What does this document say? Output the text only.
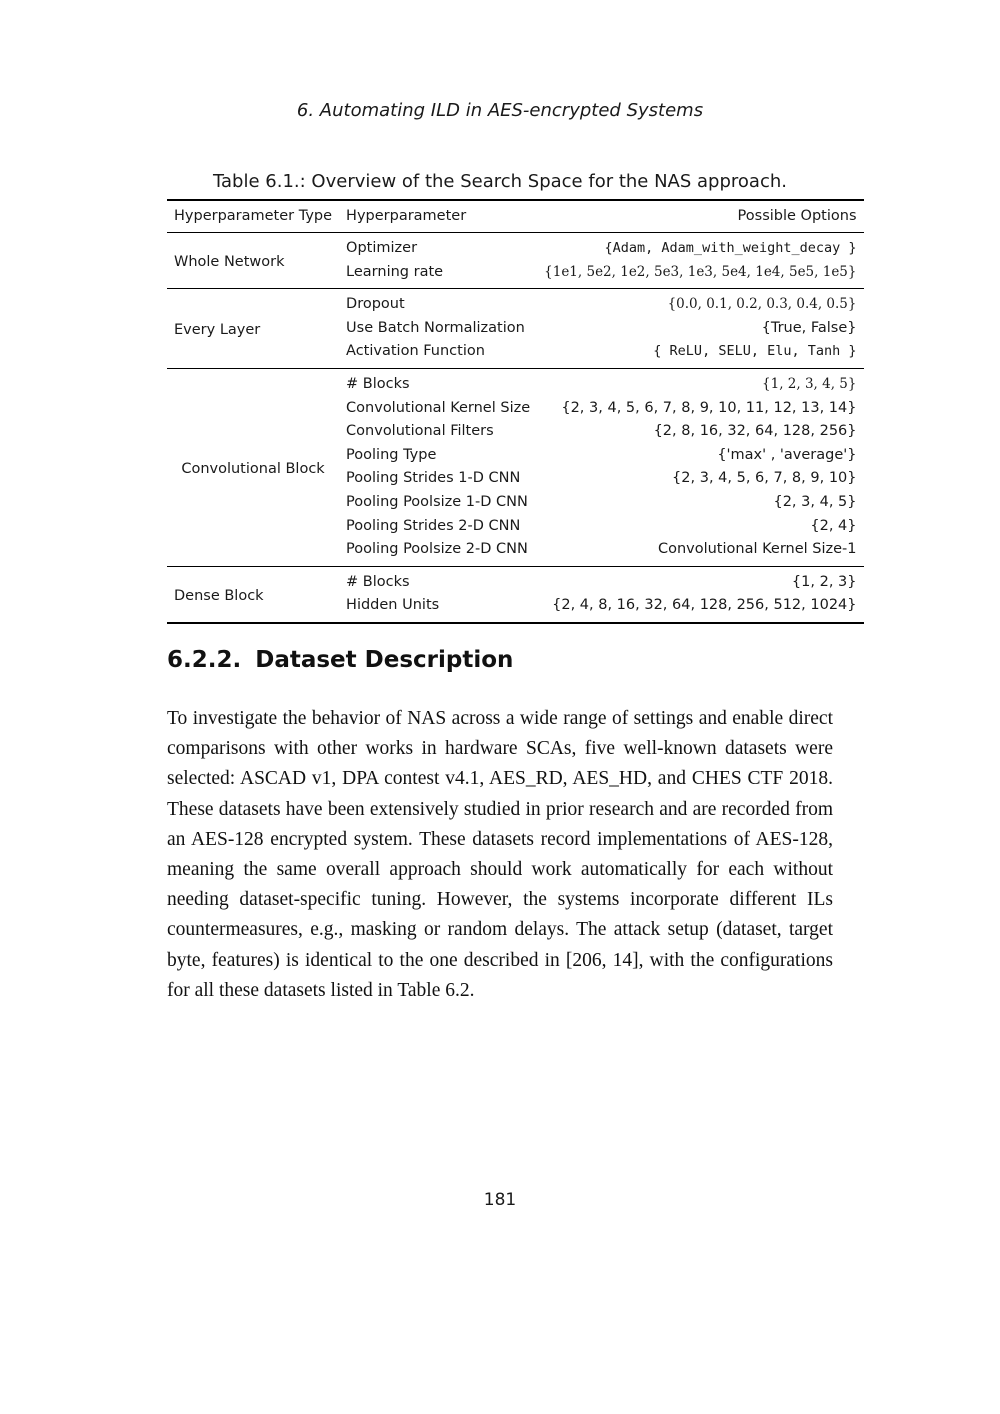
6. Automating ILD in AES-encrypted Systems
Table 6.1.: Overview of the Search Space for the NAS approach.
Hyperparameter Type	Hyperparameter	Possible Options
Whole Network	Optimizer	{Adam, Adam_with_weight_decay }
	Learning rate	{1e1, 5e2, 1e2, 5e3, 1e3, 5e4, 1e4, 5e5, 1e5}
Every Layer	Dropout	{0.0, 0.1, 0.2, 0.3, 0.4, 0.5}
	Use Batch Normalization	{True, False}
	Activation Function	{ ReLU, SELU, Elu, Tanh }
Convolutional Block	# Blocks	{1, 2, 3, 4, 5}
	Convolutional Kernel Size	{2, 3, 4, 5, 6, 7, 8, 9, 10, 11, 12, 13, 14}
	Convolutional Filters	{2, 8, 16, 32, 64, 128, 256}
	Pooling Type	{'max' , 'average'}
	Pooling Strides 1-D CNN	{2, 3, 4, 5, 6, 7, 8, 9, 10}
	Pooling Poolsize 1-D CNN	{2, 3, 4, 5}
	Pooling Strides 2-D CNN	{2, 4}
	Pooling Poolsize 2-D CNN	Convolutional Kernel Size-1
Dense Block	# Blocks	{1, 2, 3}
	Hidden Units	{2, 4, 8, 16, 32, 64, 128, 256, 512, 1024}
6.2.2. Dataset Description

To investigate the behavior of NAS across a wide range of settings and enable direct comparisons with other works in hardware SCAs, five well-known datasets were selected: ASCAD v1, DPA contest v4.1, AES_RD, AES_HD, and CHES CTF 2018. These datasets have been extensively studied in prior research and are recorded from an AES-128 encrypted system. These datasets record implementations of AES-128, meaning the same overall approach should work automatically for each without needing dataset-specific tuning. However, the systems incorporate different ILs countermeasures, e.g., masking or random delays. The attack setup (dataset, target byte, features) is identical to the one described in [206, 14], with the configurations for all these datasets listed in Table 6.2.

181
